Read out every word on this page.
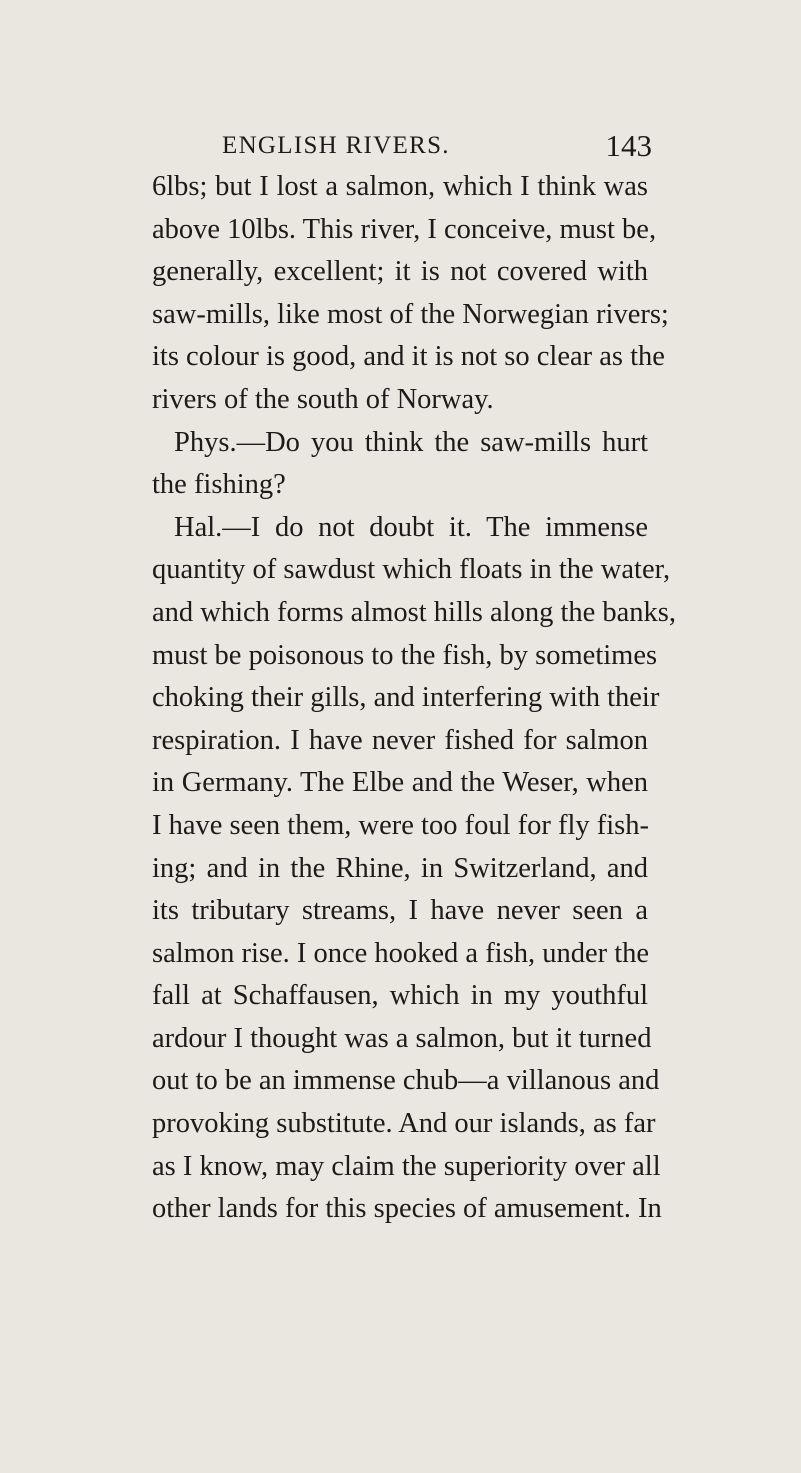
ENGLISH RIVERS.	143
6lbs; but I lost a salmon, which I think was
above 10lbs. This river, I conceive, must be,
generally, excellent; it is not covered with
saw-mills, like most of the Norwegian rivers;
its colour is good, and it is not so clear as the
rivers of the south of Norway.
Phys.—Do you think the saw-mills hurt
the fishing?
Hal.—I do not doubt it. The immense
quantity of sawdust which floats in the water,
and which forms almost hills along the banks,
must be poisonous to the fish, by sometimes
choking their gills, and interfering with their
respiration. I have never fished for salmon
in Germany. The Elbe and the Weser, when
I have seen them, were too foul for fly fish-
ing; and in the Rhine, in Switzerland, and
its tributary streams, I have never seen a
salmon rise. I once hooked a fish, under the
fall at Schaffausen, which in my youthful
ardour I thought was a salmon, but it turned
out to be an immense chub—a villanous and
provoking substitute. And our islands, as far
as I know, may claim the superiority over all
other lands for this species of amusement. In
